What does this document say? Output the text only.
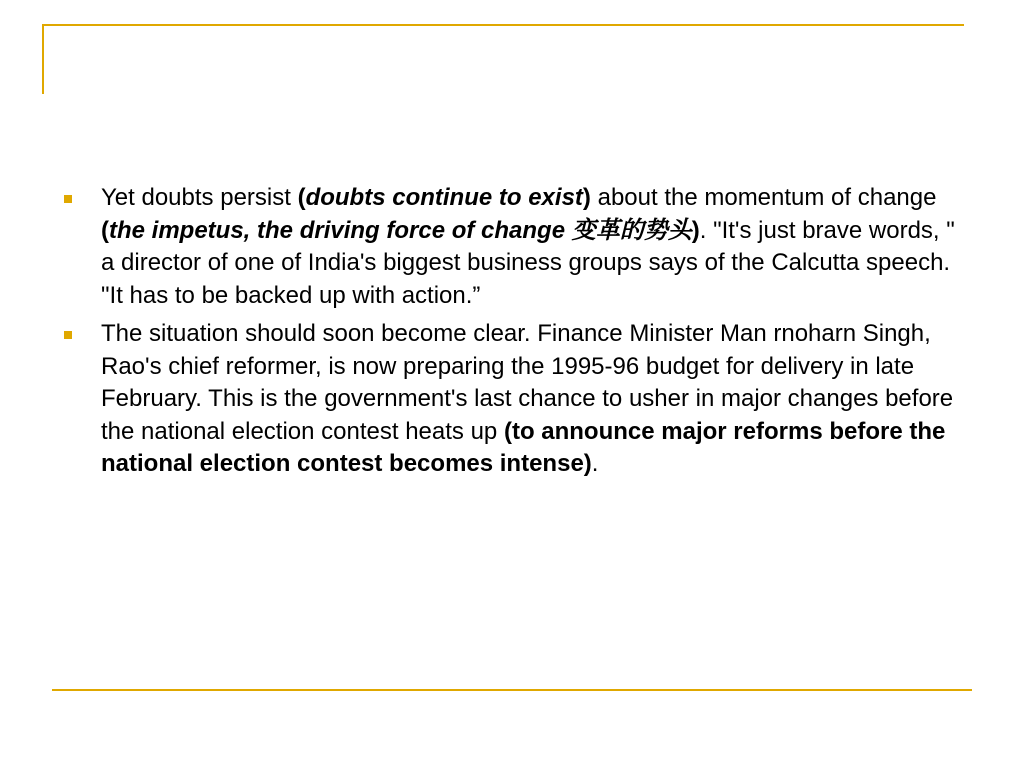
Yet doubts persist (doubts continue to exist) about the momentum of change (the impetus, the driving force of change 变革的势头). "It's just brave words, " a director of one of India's biggest business groups says of the Calcutta speech. "It has to be backed up with action.”
The situation should soon become clear. Finance Minister Man rnoharn Singh, Rao's chief reformer, is now preparing the 1995-96 budget for delivery in late February. This is the government's last chance to usher in major changes before the national election contest heats up (to announce major reforms before the national election contest becomes intense).
